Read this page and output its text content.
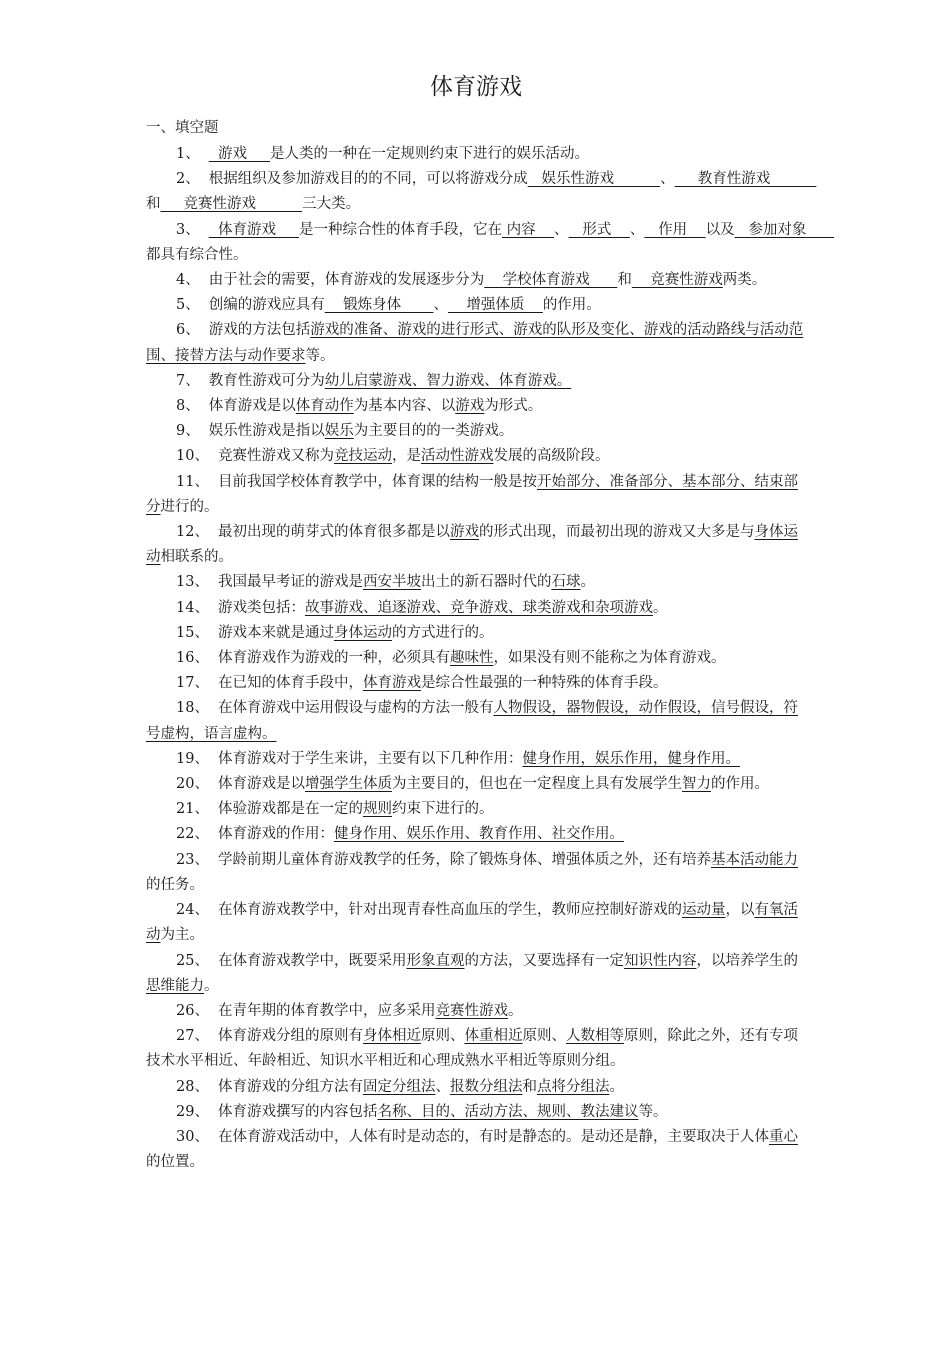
体育游戏

一、填空题

1、  游戏     是人类的一种在一定规则约束下进行的娱乐活动。

2、 根据组织及参加游戏目的的不同，可以将游戏分成   娱乐性游戏          、     教育性游戏          和     竞赛性游戏          三大类。

3、  体育游戏     是一种综合性的体育手段，它在 内容    、   形式    、   作用    以及   参加对象      都具有综合性。

4、 由于社会的需要，体育游戏的发展逐步分为    学校体育游戏      和    竞赛性游戏两类。

5、 创编的游戏应具有    锻炼身体       、    增强体质    的作用。

6、 游戏的方法包括游戏的准备、游戏的进行形式、游戏的队形及变化、游戏的活动路线与活动范围、接替方法与动作要求等。

7、 教育性游戏可分为幼儿启蒙游戏、智力游戏、体育游戏。

8、 体育游戏是以体育动作为基本内容、以游戏为形式。

9、 娱乐性游戏是指以娱乐为主要目的的一类游戏。

10、 竞赛性游戏又称为竞技运动，是活动性游戏发展的高级阶段。

11、 目前我国学校体育教学中，体育课的结构一般是按开始部分、准备部分、基本部分、结束部分进行的。

12、 最初出现的萌芽式的体育很多都是以游戏的形式出现，而最初出现的游戏又大多是与身体运动相联系的。

13、 我国最早考证的游戏是西安半坡出土的新石器时代的石球。

14、 游戏类包括：故事游戏、追逐游戏、竞争游戏、球类游戏和杂项游戏。

15、 游戏本来就是通过身体运动的方式进行的。

16、 体育游戏作为游戏的一种，必须具有趣味性，如果没有则不能称之为体育游戏。

17、 在已知的体育手段中，体育游戏是综合性最强的一种特殊的体育手段。

18、 在体育游戏中运用假设与虚构的方法一般有人物假设，器物假设，动作假设，信号假设，符号虚构，语言虚构。

19、 体育游戏对于学生来讲，主要有以下几种作用：健身作用，娱乐作用，健身作用。

20、 体育游戏是以增强学生体质为主要目的，但也在一定程度上具有发展学生智力的作用。

21、 体验游戏都是在一定的规则约束下进行的。

22、 体育游戏的作用：健身作用、娱乐作用、教育作用、社交作用。

23、 学龄前期儿童体育游戏教学的任务，除了锻炼身体、增强体质之外，还有培养基本活动能力的任务。

24、 在体育游戏教学中，针对出现青春性高血压的学生，教师应控制好游戏的运动量，以有氧活动为主。

25、 在体育游戏教学中，既要采用形象直观的方法，又要选择有一定知识性内容，以培养学生的思维能力。

26、 在青年期的体育教学中，应多采用竞赛性游戏。

27、 体育游戏分组的原则有身体相近原则、体重相近原则、人数相等原则，除此之外，还有专项技术水平相近、年龄相近、知识水平相近和心理成熟水平相近等原则分组。

28、 体育游戏的分组方法有固定分组法、报数分组法和点将分组法。

29、 体育游戏撰写的内容包括名称、目的、活动方法、规则、教法建议等。

30、 在体育游戏活动中，人体有时是动态的，有时是静态的。是动还是静，主要取决于人体重心的位置。
